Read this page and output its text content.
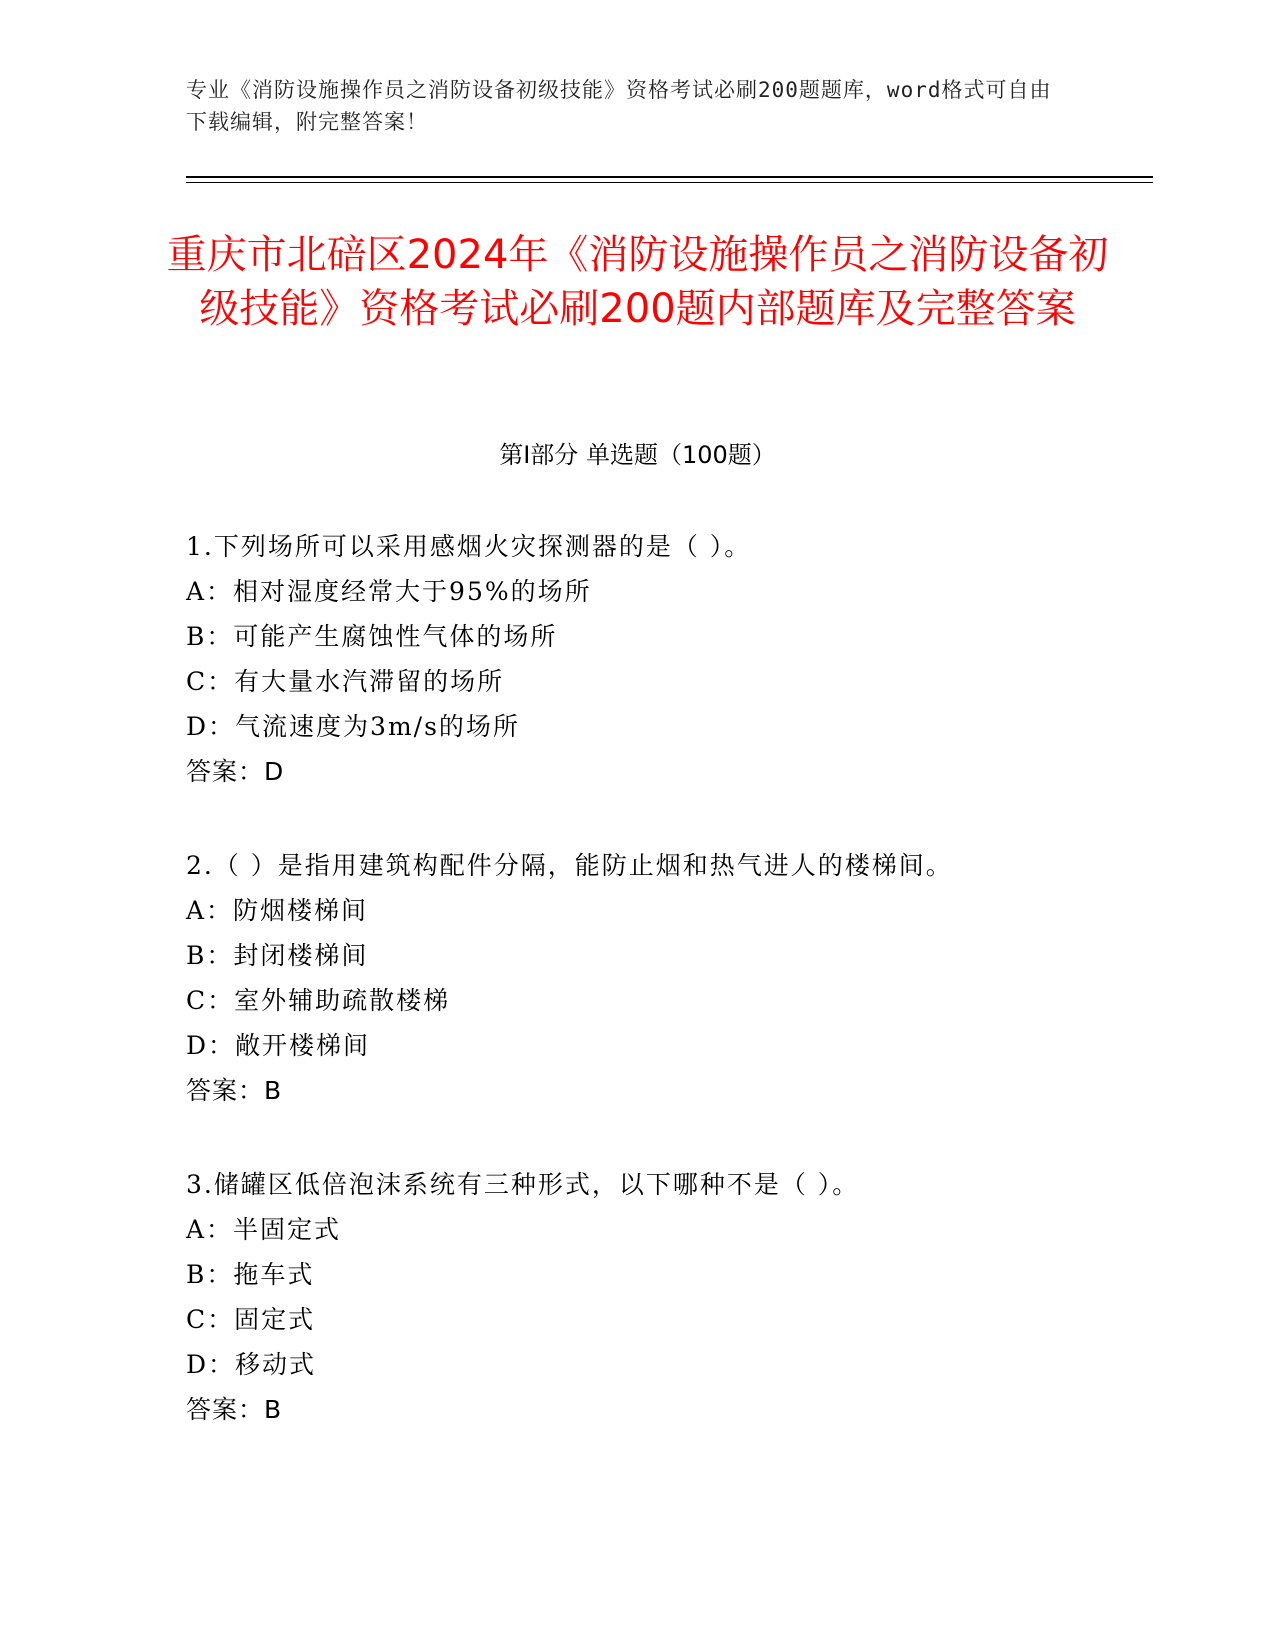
专业《消防设施操作员之消防设备初级技能》资格考试必刷200题题库，word格式可自由下载编辑，附完整答案！
重庆市北碚区2024年《消防设施操作员之消防设备初级技能》资格考试必刷200题内部题库及完整答案
第Ⅰ部分 单选题（100题）
1.下列场所可以采用感烟火灾探测器的是（ ）。
A：相对湿度经常大于95%的场所
B：可能产生腐蚀性气体的场所
C：有大量水汽滞留的场所
D：气流速度为3m/s的场所
答案：D
2.（ ）是指用建筑构配件分隔，能防止烟和热气进人的楼梯间。
A：防烟楼梯间
B：封闭楼梯间
C：室外辅助疏散楼梯
D：敞开楼梯间
答案：B
3.储罐区低倍泡沫系统有三种形式，以下哪种不是（ ）。
A：半固定式
B：拖车式
C：固定式
D：移动式
答案：B
